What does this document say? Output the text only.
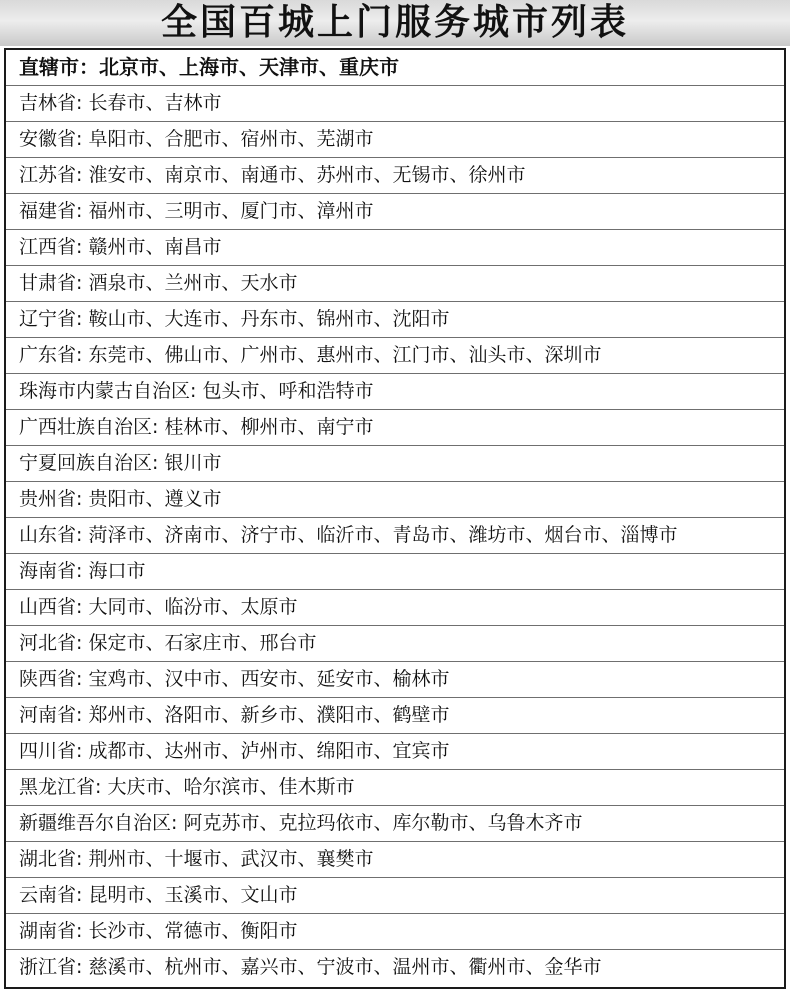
全国百城上门服务城市列表
直辖市：北京市、上海市、天津市、重庆市
吉林省: 长春市、吉林市
安徽省: 阜阳市、合肥市、宿州市、芜湖市
江苏省: 淮安市、南京市、南通市、苏州市、无锡市、徐州市
福建省: 福州市、三明市、厦门市、漳州市
江西省: 赣州市、南昌市
甘肃省: 酒泉市、兰州市、天水市
辽宁省: 鞍山市、大连市、丹东市、锦州市、沈阳市
广东省: 东莞市、佛山市、广州市、惠州市、江门市、汕头市、深圳市
珠海市内蒙古自治区: 包头市、呼和浩特市
广西壮族自治区: 桂林市、柳州市、南宁市
宁夏回族自治区: 银川市
贵州省: 贵阳市、遵义市
山东省: 菏泽市、济南市、济宁市、临沂市、青岛市、潍坊市、烟台市、淄博市
海南省: 海口市
山西省: 大同市、临汾市、太原市
河北省: 保定市、石家庄市、邢台市
陕西省: 宝鸡市、汉中市、西安市、延安市、榆林市
河南省: 郑州市、洛阳市、新乡市、濮阳市、鹤壁市
四川省: 成都市、达州市、泸州市、绵阳市、宜宾市
黑龙江省: 大庆市、哈尔滨市、佳木斯市
新疆维吾尔自治区: 阿克苏市、克拉玛依市、库尔勒市、乌鲁木齐市
湖北省: 荆州市、十堰市、武汉市、襄樊市
云南省: 昆明市、玉溪市、文山市
湖南省: 长沙市、常德市、衡阳市
浙江省: 慈溪市、杭州市、嘉兴市、宁波市、温州市、衢州市、金华市
